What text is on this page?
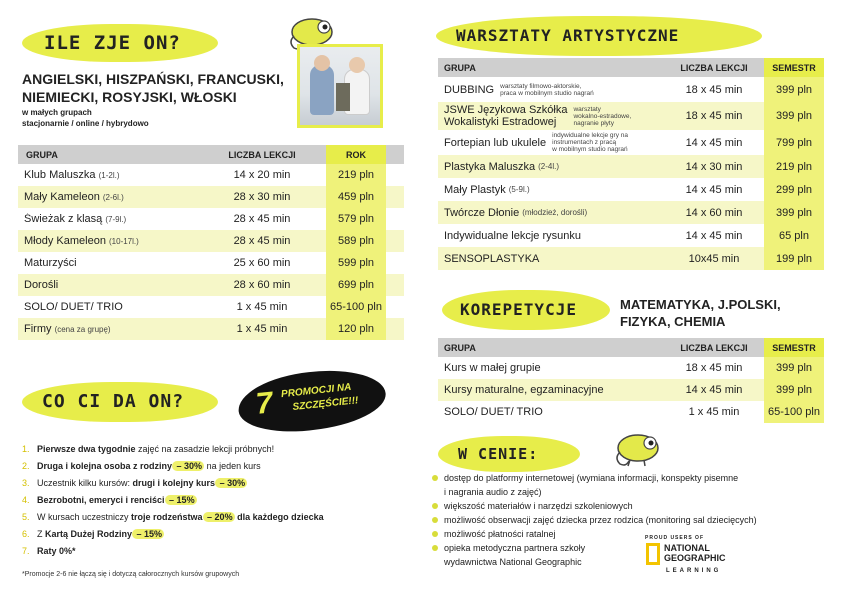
ILE ZJE ON?
ANGIELSKI, HISZPAŃSKI, FRANCUSKI,
NIEMIECKI, ROSYJSKI, WŁOSKI
w małych grupach
stacjonarnie / online / hybrydowo
GRUPA	LICZBA LEKCJI	ROK
Klub Maluszka (1-2l.)	14 x 20 min	219 pln
Mały Kameleon (2-6l.)	28 x 30 min	459 pln
Świeżak z klasą (7-9l.)	28 x 45 min	579 pln
Młody Kameleon (10-17l.)	28 x 45 min	589 pln
Maturzyści	25 x 60 min	599 pln
Dorośli	28 x 60 min	699 pln
SOLO/ DUET/ TRIO	1 x 45 min	65-100 pln
Firmy (cena za grupę)	1 x 45 min	120 pln
CO CI DA ON? 7 PROMOCJI NA
SZCZĘŚCIE!!!
1. Pierwsze dwa tygodnie zajęć na zasadzie lekcji próbnych!
2. Druga i kolejna osoba z rodziny – 30% na jeden kurs
3. Uczestnik kilku kursów: drugi i kolejny kurs – 30%
4. Bezrobotni, emeryci i renciści – 15%
5. W kursach uczestniczy troje rodzeństwa – 20% dla każdego dziecka
6. Z Kartą Dużej Rodziny – 15%
7. Raty 0%*
*Promocje 2-6 nie łączą się i dotyczą całorocznych kursów grupowych
WARSZTATY ARTYSTYCZNE
GRUPA	LICZBA LEKCJI	SEMESTR
DUBBING warsztaty filmowo-aktorskie,
praca w mobilnym studio nagrań	18 x 45 min	399 pln
JSWE Językowa Szkółka
Wokalistyki Estradowej
warsztaty
wokalno-estradowe,
nagranie płyty
18 x 45 min	399 pln
Fortepian lub ukulele
indywidualne lekcje gry na
instrumentach z pracą
w mobilnym studio nagrań
14 x 45 min	799 pln
Plastyka Maluszka (2-4l.)	14 x 30 min	219 pln
Mały Plastyk (5-9l.)	14 x 45 min	299 pln
Twórcze Dłonie (młodzież, dorośli)	14 x 60 min	399 pln
Indywidualne lekcje rysunku	14 x 45 min	65 pln
SENSOPLASTYKA	10x45 min	199 pln
KOREPETYCJE	MATEMATYKA, J.POLSKI,
FIZYKA, CHEMIA
GRUPA	LICZBA LEKCJI	SEMESTR
Kurs w małej grupie	18 x 45 min	399 pln
Kursy maturalne, egzaminacyjne	14 x 45 min	399 pln
SOLO/ DUET/ TRIO	1 x 45 min	65-100 pln
W CENIE:
dostęp do platformy internetowej (wymiana informacji, konspekty pisemne
i nagrania audio z zajęć)
większość materiałów i narzędzi szkoleniowych
możliwość obserwacji zajęć dziecka przez rodzica (monitoring sal dziecięcych)
możliwość płatności ratalnej
opieka metodyczna partnera szkoły
wydawnictwa National Geographic
PROUD USERS OF
NATIONAL
GEOGRAPHIC
LEARNING
